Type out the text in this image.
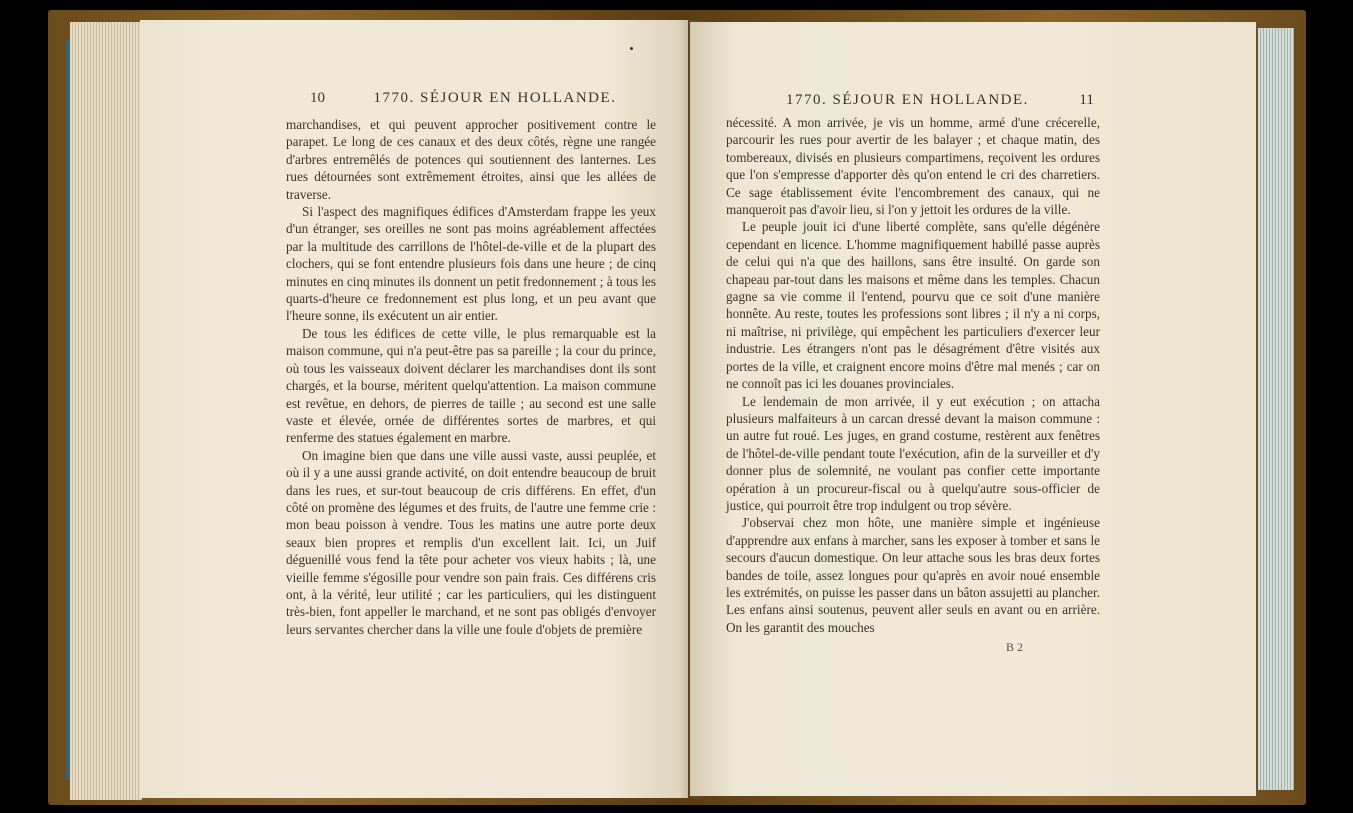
10	1770. SÉJOUR EN HOLLANDE.

marchandises, et qui peuvent approcher positivement contre le parapet. Le long de ces canaux et des deux côtés, règne une rangée d'arbres entremêlés de potences qui soutiennent des lanternes. Les rues détournées sont extrêmement étroites, ainsi que les allées de traverse.

Si l'aspect des magnifiques édifices d'Amsterdam frappe les yeux d'un étranger, ses oreilles ne sont pas moins agréablement affectées par la multitude des carrillons de l'hôtel-de-ville et de la plupart des clochers, qui se font entendre plusieurs fois dans une heure ; de cinq minutes en cinq minutes ils donnent un petit fredonnement ; à tous les quarts-d'heure ce fredonnement est plus long, et un peu avant que l'heure sonne, ils exécutent un air entier.

De tous les édifices de cette ville, le plus remarquable est la maison commune, qui n'a peut-être pas sa pareille ; la cour du prince, où tous les vaisseaux doivent déclarer les marchandises dont ils sont chargés, et la bourse, méritent quelqu'attention. La maison commune est revêtue, en dehors, de pierres de taille ; au second est une salle vaste et élevée, ornée de différentes sortes de marbres, et qui renferme des statues également en marbre.

On imagine bien que dans une ville aussi vaste, aussi peuplée, et où il y a une aussi grande activité, on doit entendre beaucoup de bruit dans les rues, et sur-tout beaucoup de cris différens. En effet, d'un côté on promène des légumes et des fruits, de l'autre une femme crie : mon beau poisson à vendre. Tous les matins une autre porte deux seaux bien propres et remplis d'un excellent lait. Ici, un Juif déguenillé vous fend la tête pour acheter vos vieux habits ; là, une vieille femme s'égosille pour vendre son pain frais. Ces différens cris ont, à la vérité, leur utilité ; car les particuliers, qui les distinguent très-bien, font appeller le marchand, et ne sont pas obligés d'envoyer leurs servantes chercher dans la ville une foule d'objets de première

1770. SÉJOUR EN HOLLANDE.	11

nécessité. A mon arrivée, je vis un homme, armé d'une crécerelle, parcourir les rues pour avertir de les balayer ; et chaque matin, des tombereaux, divisés en plusieurs compartimens, reçoivent les ordures que l'on s'empresse d'apporter dès qu'on entend le cri des charretiers. Ce sage établissement évite l'encombrement des canaux, qui ne manqueroit pas d'avoir lieu, si l'on y jettoit les ordures de la ville.

Le peuple jouit ici d'une liberté complète, sans qu'elle dégénère cependant en licence. L'homme magnifiquement habillé passe auprès de celui qui n'a que des haillons, sans être insulté. On garde son chapeau par-tout dans les maisons et même dans les temples. Chacun gagne sa vie comme il l'entend, pourvu que ce soit d'une manière honnête. Au reste, toutes les professions sont libres ; il n'y a ni corps, ni maîtrise, ni privilège, qui empêchent les particuliers d'exercer leur industrie. Les étrangers n'ont pas le désagrément d'être visités aux portes de la ville, et craignent encore moins d'être mal menés ; car on ne connoît pas ici les douanes provinciales.

Le lendemain de mon arrivée, il y eut exécution ; on attacha plusieurs malfaiteurs à un carcan dressé devant la maison commune : un autre fut roué. Les juges, en grand costume, restèrent aux fenêtres de l'hôtel-de-ville pendant toute l'exécution, afin de la surveiller et d'y donner plus de solemnité, ne voulant pas confier cette importante opération à un procureur-fiscal ou à quelqu'autre sous-officier de justice, qui pourroit être trop indulgent ou trop sévère.

J'observai chez mon hôte, une manière simple et ingénieuse d'apprendre aux enfans à marcher, sans les exposer à tomber et sans le secours d'aucun domestique. On leur attache sous les bras deux fortes bandes de toile, assez longues pour qu'après en avoir noué ensemble les extrémités, on puisse les passer dans un bâton assujetti au plancher. Les enfans ainsi soutenus, peuvent aller seuls en avant ou en arrière. On les garantit des mouches

B 2
